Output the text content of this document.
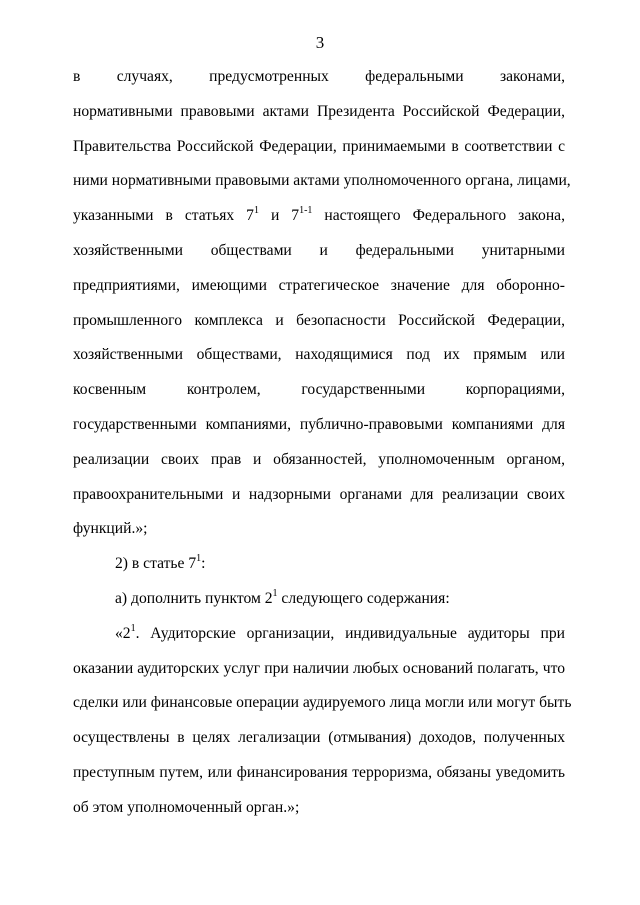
3
в случаях, предусмотренных федеральными законами,
нормативными правовыми актами Президента Российской Федерации,
Правительства Российской Федерации, принимаемыми в соответствии с
ними нормативными правовыми актами уполномоченного органа, лицами,
указанными в статьях $7^1$ и 7$^{1-1}$ настоящего Федерального закона,
хозяйственными обществами и федеральными унитарными
предприятиями, имеющими стратегическое значение для оборонно-
промышленного комплекса и безопасности Российской Федерации,
хозяйственными обществами, находящимися под их прямым или
косвенным контролем, государственными корпорациями,
государственными компаниями, публично-правовыми компаниями для
реализации своих прав и обязанностей, уполномоченным органом,
правоохранительными и надзорными органами для реализации своих
функций.»;
2) в статье $7^1$:
а) дополнить пунктом $2^1$ следующего содержания:
«$2^1$. Аудиторские организации, индивидуальные аудиторы при
оказании аудиторских услуг при наличии любых оснований полагать, что
сделки или финансовые операции аудируемого лица могли или могут быть
осуществлены в целях легализации (отмывания) доходов, полученных
преступным путем, или финансирования терроризма, обязаны уведомить
об этом уполномоченный орган.»;
